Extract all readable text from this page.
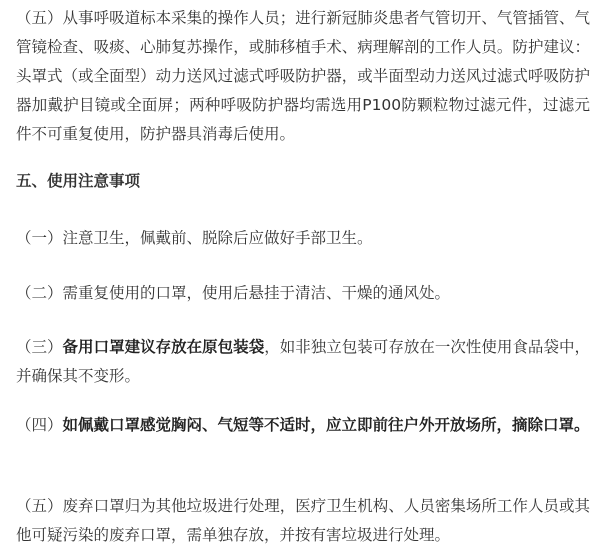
（五）从事呼吸道标本采集的操作人员；进行新冠肺炎患者气管切开、气管插管、气管镜检查、吸痰、心肺复苏操作，或肺移植手术、病理解剖的工作人员。防护建议：头罩式（或全面型）动力送风过滤式呼吸防护器，或半面型动力送风过滤式呼吸防护器加戴护目镜或全面屏；两种呼吸防护器均需选用P100防颗粒物过滤元件，过滤元件不可重复使用，防护器具消毒后使用。

五、使用注意事项

（一）注意卫生，佩戴前、脱除后应做好手部卫生。

（二）需重复使用的口罩，使用后悬挂于清洁、干燥的通风处。

（三）备用口罩建议存放在原包装袋，如非独立包装可存放在一次性使用食品袋中，并确保其不变形。

（四）如佩戴口罩感觉胸闷、气短等不适时，应立即前往户外开放场所，摘除口罩。

（五）废弃口罩归为其他垃圾进行处理，医疗卫生机构、人员密集场所工作人员或其他可疑污染的废弃口罩，需单独存放，并按有害垃圾进行处理。
